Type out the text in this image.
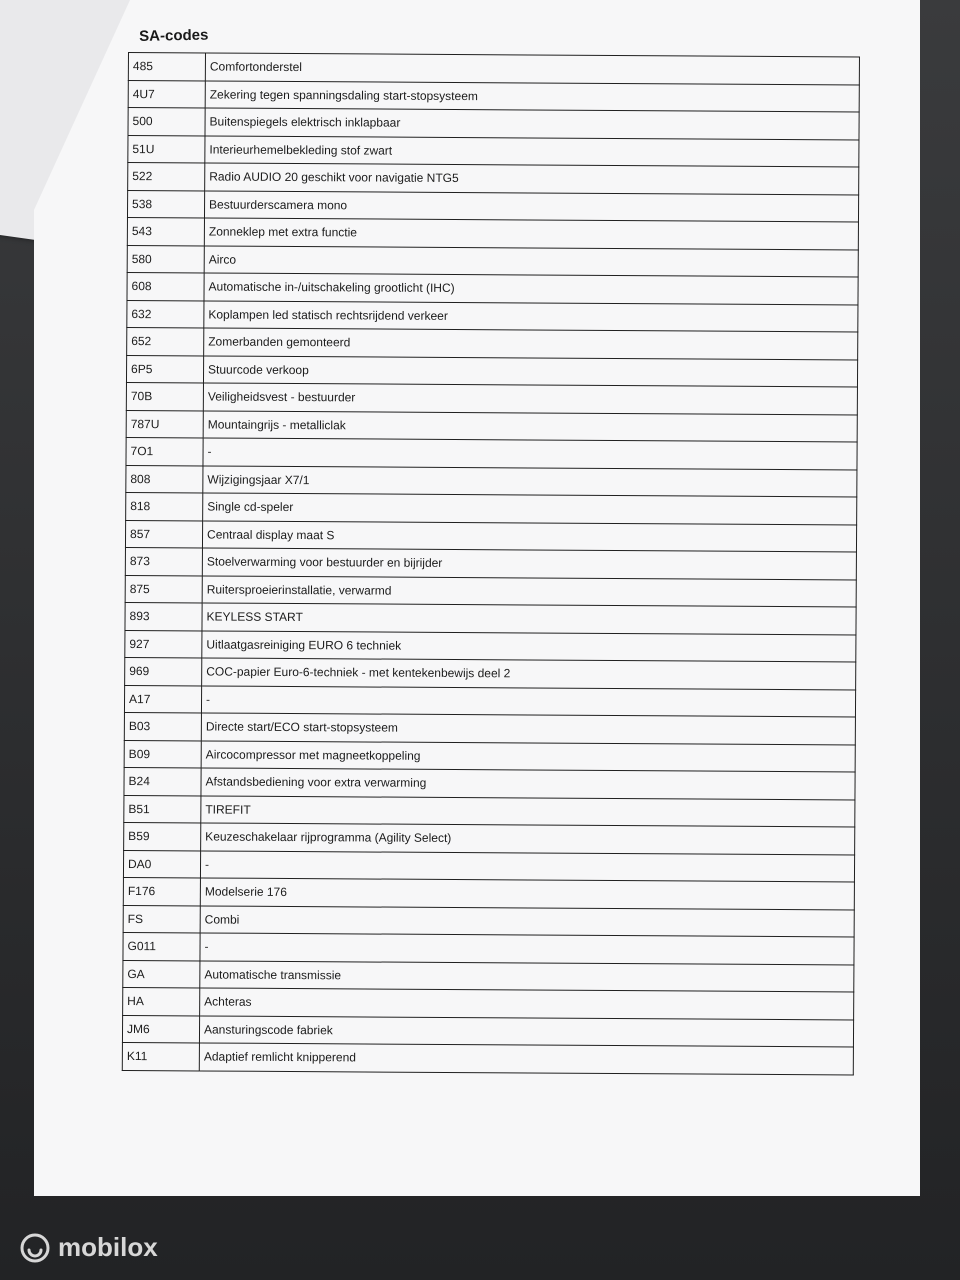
SA-codes
485	Comfortonderstel
4U7	Zekering tegen spanningsdaling start-stopsysteem
500	Buitenspiegels elektrisch inklapbaar
51U	Interieurhemelbekleding stof zwart
522	Radio AUDIO 20 geschikt voor navigatie NTG5
538	Bestuurderscamera mono
543	Zonneklep met extra functie
580	Airco
608	Automatische in-/uitschakeling grootlicht (IHC)
632	Koplampen led statisch rechtsrijdend verkeer
652	Zomerbanden gemonteerd
6P5	Stuurcode verkoop
70B	Veiligheidsvest - bestuurder
787U	Mountaingrijs - metalliclak
7O1	-
808	Wijzigingsjaar X7/1
818	Single cd-speler
857	Centraal display maat S
873	Stoelverwarming voor bestuurder en bijrijder
875	Ruitersproeierinstallatie, verwarmd
893	KEYLESS START
927	Uitlaatgasreiniging EURO 6 techniek
969	COC-papier Euro-6-techniek - met kentekenbewijs deel 2
A17	-
B03	Directe start/ECO start-stopsysteem
B09	Aircocompressor met magneetkoppeling
B24	Afstandsbediening voor extra verwarming
B51	TIREFIT
B59	Keuzeschakelaar rijprogramma (Agility Select)
DA0	-
F176	Modelserie 176
FS	Combi
G011	-
GA	Automatische transmissie
HA	Achteras
JM6	Aansturingscode fabriek
K11	Adaptief remlicht knipperend
mobilox
